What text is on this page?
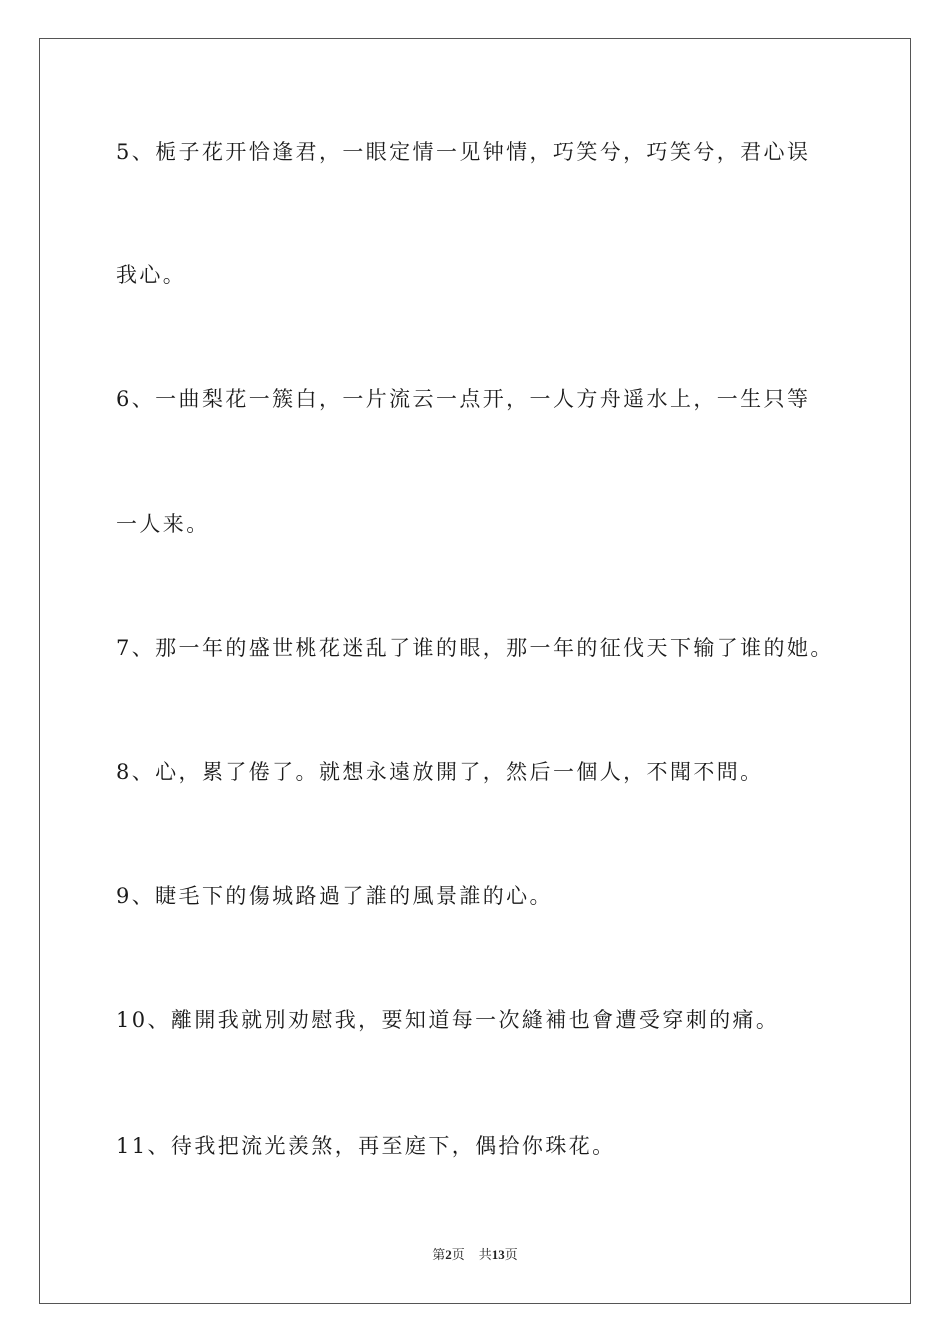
5、栀子花开恰逢君，一眼定情一见钟情，巧笑兮，巧笑兮，君心误
我心。
6、一曲梨花一簇白，一片流云一点开，一人方舟遥水上，一生只等
一人来。
7、那一年的盛世桃花迷乱了谁的眼，那一年的征伐天下输了谁的她。
8、心，累了倦了。就想永遠放開了，然后一個人，不聞不問。
9、睫毛下的傷城路過了誰的風景誰的心。
10、離開我就別劝慰我，要知道每一次縫補也會遭受穿刺的痛。
11、待我把流光羡煞，再至庭下，偶拾你珠花。
第2页 共13页
